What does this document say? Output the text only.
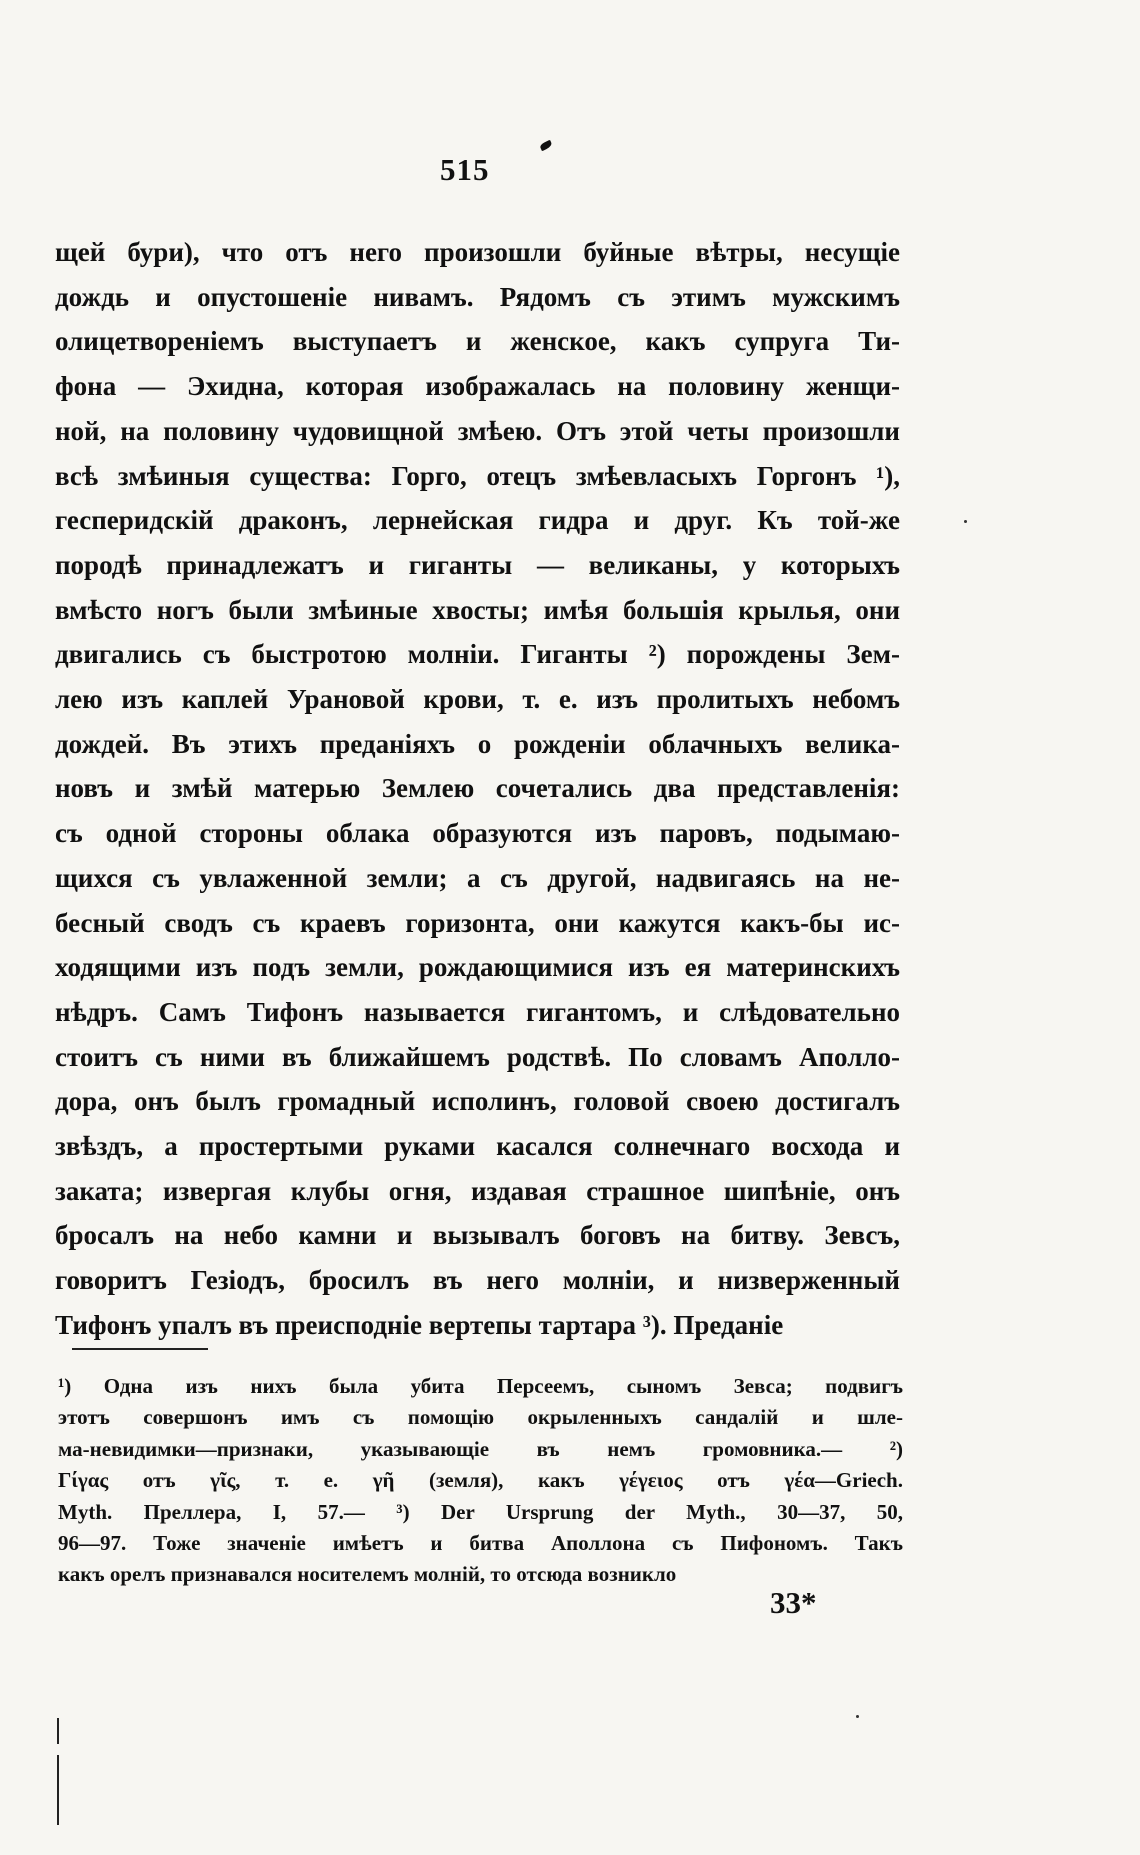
515
щей бури), что отъ него произошли буйные вѣтры, несущіе
дождь и опустошеніе нивамъ. Рядомъ съ этимъ мужскимъ
олицетвореніемъ выступаетъ и женское, какъ супруга Ти-
фона — Эхидна, которая изображалась на половину женщи-
ной, на половину чудовищной змѣею. Отъ этой четы произошли
всѣ змѣиныя существа: Горго, отецъ змѣевласыхъ Горгонъ ¹),
гесперидскій драконъ, лернейская гидра и друг. Къ той-же
породѣ принадлежатъ и гиганты — великаны, у которыхъ
вмѣсто ногъ были змѣиные хвосты; имѣя большія крылья, они
двигались съ быстротою молніи. Гиганты ²) порождены Зем-
лею изъ каплей Урановой крови, т. е. изъ пролитыхъ небомъ
дождей. Въ этихъ преданіяхъ о рожденіи облачныхъ велика-
новъ и змѣй матерью Землею сочетались два представленія:
съ одной стороны облака образуются изъ паровъ, подымаю-
щихся съ увлаженной земли; а съ другой, надвигаясь на не-
бесный сводъ съ краевъ горизонта, они кажутся какъ-бы ис-
ходящими изъ подъ земли, рождающимися изъ ея материнскихъ
нѣдръ. Самъ Тифонъ называется гигантомъ, и слѣдовательно
стоитъ съ ними въ ближайшемъ родствѣ. По словамъ Аполло-
дора, онъ былъ громадный исполинъ, головой своею достигалъ
звѣздъ, а простертыми руками касался солнечнаго восхода и
заката; извергая клубы огня, издавая страшное шипѣніе, онъ
бросалъ на небо камни и вызывалъ боговъ на битву. Зевсъ,
говоритъ Гезіодъ, бросилъ въ него молніи, и низверженный
Тифонъ упалъ въ преисподніе вертепы тартара ³). Преданіе
¹) Одна изъ нихъ была убита Персеемъ, сыномъ Зевса; подвигъ
этотъ совершонъ имъ съ помощію окрыленныхъ сандалій и шле-
ма-невидимки—признаки, указывающіе въ немъ громовника.— ²)
Γίγας отъ γῖς, т. е. γῆ (земля), какъ γέγειος отъ γέα—Griech.
Myth. Преллера, I, 57.— ³) Der Ursprung der Myth., 30—37, 50,
96—97. Тоже значеніе имѣетъ и битва Аполлона съ Пифономъ. Такъ
какъ орелъ признавался носителемъ молній, то отсюда возникло
33*
